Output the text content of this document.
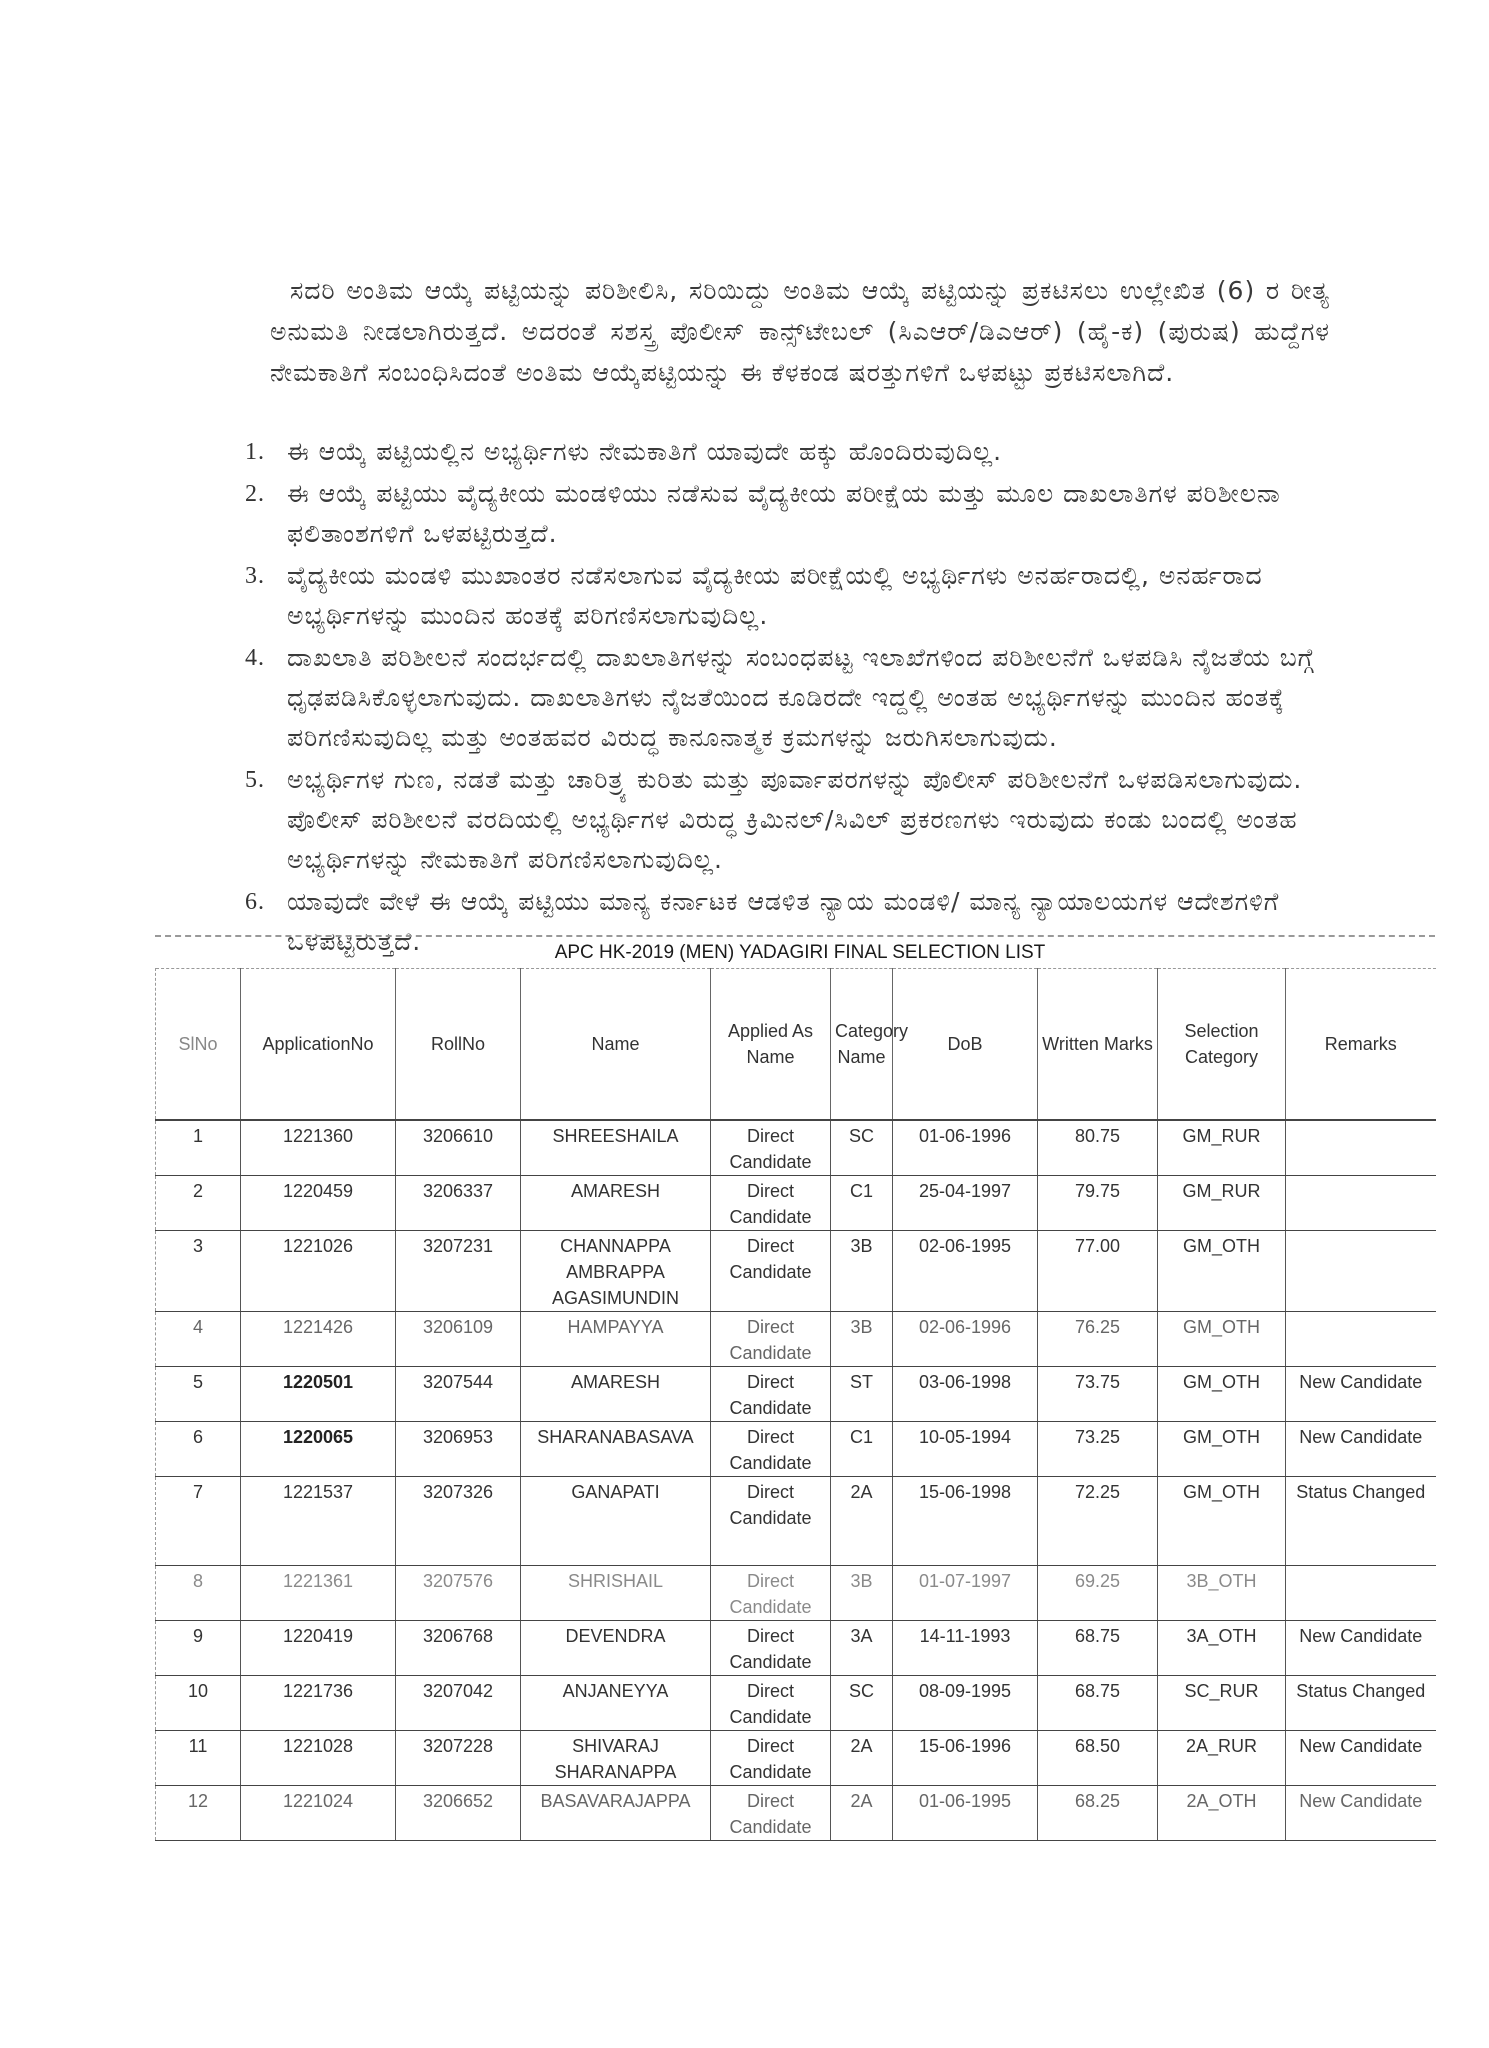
ಸದರಿ ಅಂತಿಮ ಆಯ್ಕೆ ಪಟ್ಟಿಯನ್ನು ಪರಿಶೀಲಿಸಿ, ಸರಿಯಿದ್ದು ಅಂತಿಮ ಆಯ್ಕೆ ಪಟ್ಟಿಯನ್ನು ಪ್ರಕಟಿಸಲು ಉಲ್ಲೇಖಿತ (6) ರ ರೀತ್ಯ ಅನುಮತಿ ನೀಡಲಾಗಿರುತ್ತದೆ. ಅದರಂತೆ ಸಶಸ್ತ್ರ ಪೊಲೀಸ್ ಕಾನ್ಸ್‌ಟೇಬಲ್ (ಸಿಎಆರ್/ಡಿಎಆರ್) (ಹೈ-ಕ) (ಪುರುಷ) ಹುದ್ದೆಗಳ ನೇಮಕಾತಿಗೆ ಸಂಬಂಧಿಸಿದಂತೆ ಅಂತಿಮ ಆಯ್ಕೆಪಟ್ಟಿಯನ್ನು ಈ ಕೆಳಕಂಡ ಷರತ್ತುಗಳಿಗೆ ಒಳಪಟ್ಟು ಪ್ರಕಟಿಸಲಾಗಿದೆ.

1. ಈ ಆಯ್ಕೆ ಪಟ್ಟಿಯಲ್ಲಿನ ಅಭ್ಯರ್ಥಿಗಳು ನೇಮಕಾತಿಗೆ ಯಾವುದೇ ಹಕ್ಕು ಹೊಂದಿರುವುದಿಲ್ಲ.
2. ಈ ಆಯ್ಕೆ ಪಟ್ಟಿಯು ವೈದ್ಯಕೀಯ ಮಂಡಳಿಯು ನಡೆಸುವ ವೈದ್ಯಕೀಯ ಪರೀಕ್ಷೆಯ ಮತ್ತು ಮೂಲ ದಾಖಲಾತಿಗಳ ಪರಿಶೀಲನಾ ಫಲಿತಾಂಶಗಳಿಗೆ ಒಳಪಟ್ಟಿರುತ್ತದೆ.
3. ವೈದ್ಯಕೀಯ ಮಂಡಳಿ ಮುಖಾಂತರ ನಡೆಸಲಾಗುವ ವೈದ್ಯಕೀಯ ಪರೀಕ್ಷೆಯಲ್ಲಿ ಅಭ್ಯರ್ಥಿಗಳು ಅನರ್ಹರಾದಲ್ಲಿ, ಅನರ್ಹರಾದ ಅಭ್ಯರ್ಥಿಗಳನ್ನು ಮುಂದಿನ ಹಂತಕ್ಕೆ ಪರಿಗಣಿಸಲಾಗುವುದಿಲ್ಲ.
4. ದಾಖಲಾತಿ ಪರಿಶೀಲನೆ ಸಂದರ್ಭದಲ್ಲಿ ದಾಖಲಾತಿಗಳನ್ನು ಸಂಬಂಧಪಟ್ಟ ಇಲಾಖೆಗಳಿಂದ ಪರಿಶೀಲನೆಗೆ ಒಳಪಡಿಸಿ ನೈಜತೆಯ ಬಗ್ಗೆ ಧೃಢಪಡಿಸಿಕೊಳ್ಳಲಾಗುವುದು. ದಾಖಲಾತಿಗಳು ನೈಜತೆಯಿಂದ ಕೂಡಿರದೇ ಇದ್ದಲ್ಲಿ ಅಂತಹ ಅಭ್ಯರ್ಥಿಗಳನ್ನು ಮುಂದಿನ ಹಂತಕ್ಕೆ ಪರಿಗಣಿಸುವುದಿಲ್ಲ ಮತ್ತು ಅಂತಹವರ ವಿರುದ್ಧ ಕಾನೂನಾತ್ಮಕ ಕ್ರಮಗಳನ್ನು ಜರುಗಿಸಲಾಗುವುದು.
5. ಅಭ್ಯರ್ಥಿಗಳ ಗುಣ, ನಡತೆ ಮತ್ತು ಚಾರಿತ್ರ್ಯ ಕುರಿತು ಮತ್ತು ಪೂರ್ವಾಪರಗಳನ್ನು ಪೊಲೀಸ್ ಪರಿಶೀಲನೆಗೆ ಒಳಪಡಿಸಲಾಗುವುದು. ಪೊಲೀಸ್ ಪರಿಶೀಲನೆ ವರದಿಯಲ್ಲಿ ಅಭ್ಯರ್ಥಿಗಳ ವಿರುದ್ಧ ಕ್ರಿಮಿನಲ್/ಸಿವಿಲ್ ಪ್ರಕರಣಗಳು ಇರುವುದು ಕಂಡು ಬಂದಲ್ಲಿ ಅಂತಹ ಅಭ್ಯರ್ಥಿಗಳನ್ನು ನೇಮಕಾತಿಗೆ ಪರಿಗಣಿಸಲಾಗುವುದಿಲ್ಲ.
6. ಯಾವುದೇ ವೇಳೆ ಈ ಆಯ್ಕೆ ಪಟ್ಟಿಯು ಮಾನ್ಯ ಕರ್ನಾಟಕ ಆಡಳಿತ ನ್ಯಾಯ ಮಂಡಳಿ/ ಮಾನ್ಯ ನ್ಯಾಯಾಲಯಗಳ ಆದೇಶಗಳಿಗೆ ಒಳಪಟ್ಟಿರುತ್ತದೆ.	APC HK-2019 (MEN) YADAGIRI FINAL SELECTION LIST
SlNo	ApplicationNo	RollNo	Name	Applied As Name	Category Name	DoB	Written Marks	Selection Category	Remarks
1	1221360	3206610	SHREESHAILA	Direct Candidate	SC	01-06-1996	80.75	GM_RUR	
2	1220459	3206337	AMARESH	Direct Candidate	C1	25-04-1997	79.75	GM_RUR	
3	1221026	3207231	CHANNAPPA AMBRAPPA AGASIMUNDIN	Direct Candidate	3B	02-06-1995	77.00	GM_OTH	
4	1221426	3206109	HAMPAYYA	Direct Candidate	3B	02-06-1996	76.25	GM_OTH	
5	1220501	3207544	AMARESH	Direct Candidate	ST	03-06-1998	73.75	GM_OTH	New Candidate
6	1220065	3206953	SHARANABASAVA	Direct Candidate	C1	10-05-1994	73.25	GM_OTH	New Candidate
7	1221537	3207326	GANAPATI	Direct Candidate	2A	15-06-1998	72.25	GM_OTH	Status Changed
8	1221361	3207576	SHRISHAIL	Direct Candidate	3B	01-07-1997	69.25	3B_OTH	
9	1220419	3206768	DEVENDRA	Direct Candidate	3A	14-11-1993	68.75	3A_OTH	New Candidate
10	1221736	3207042	ANJANEYYA	Direct Candidate	SC	08-09-1995	68.75	SC_RUR	Status Changed
11	1221028	3207228	SHIVARAJ SHARANAPPA	Direct Candidate	2A	15-06-1996	68.50	2A_RUR	New Candidate
12	1221024	3206652	BASAVARAJAPPA	Direct Candidate	2A	01-06-1995	68.25	2A_OTH	New Candidate
